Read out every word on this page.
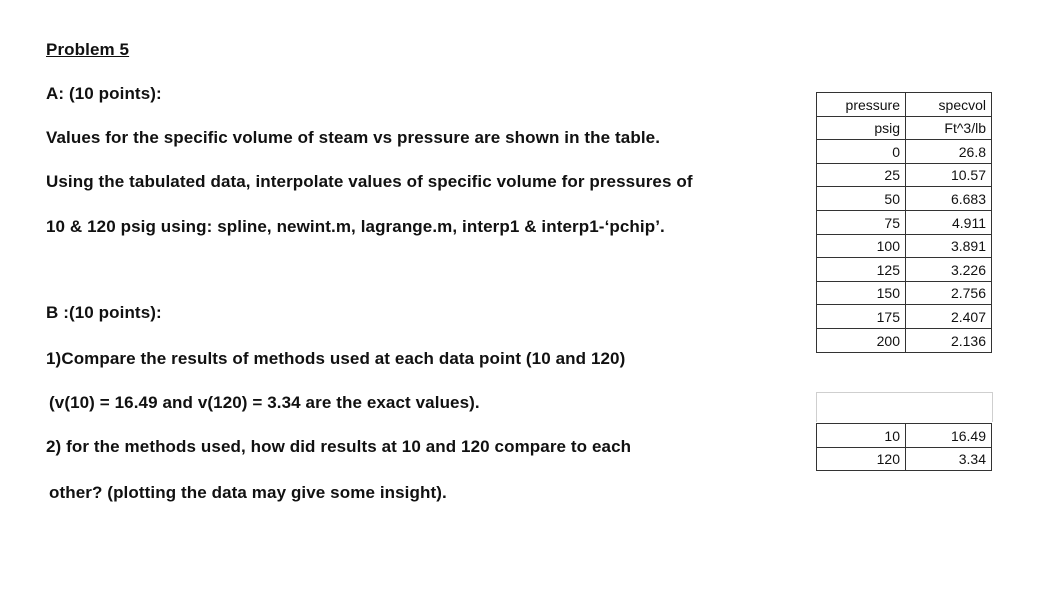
Problem 5
A: (10 points):
Values for the specific volume of steam vs pressure are shown in the table.
Using the tabulated data, interpolate values of specific volume for pressures of
10 & 120 psig using: spline, newint.m, lagrange.m, interp1 & interp1-‘pchip’.
B :(10 points):
1)Compare the results of methods used at each data point (10 and 120)
(v(10) = 16.49 and v(120) = 3.34 are the exact values).
2) for the methods used, how did results at 10 and 120 compare to each
other? (plotting the data may give some insight).
pressure	specvol
psig	Ft^3/lb
0	26.8
25	10.57
50	6.683
75	4.911
100	3.891
125	3.226
150	2.756
175	2.407
200	2.136
10	16.49
120	3.34
